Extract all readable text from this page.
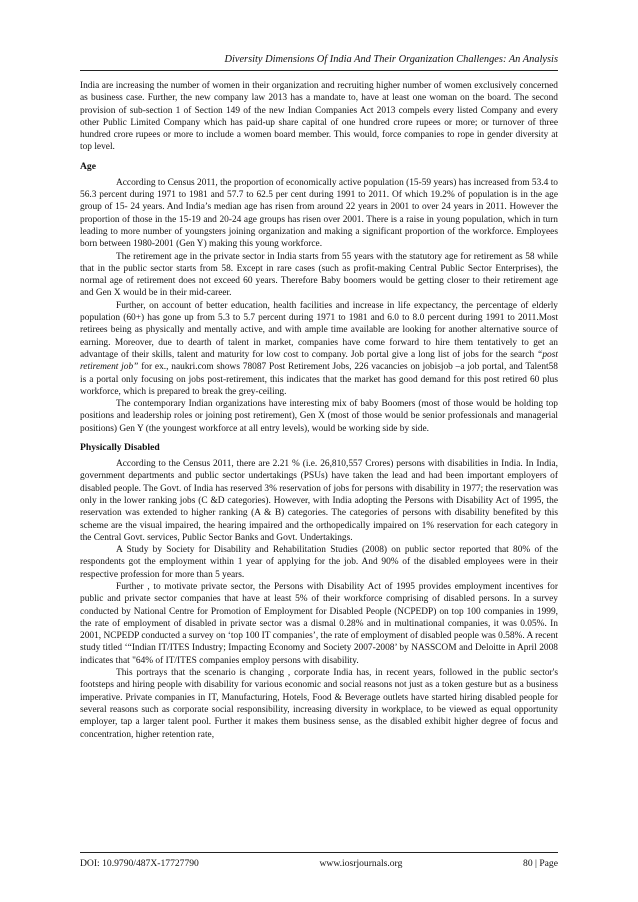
Diversity Dimensions Of India And Their Organization Challenges: An Analysis

India are increasing the number of women in their organization and recruiting higher number of women exclusively concerned as business case. Further, the new company law 2013 has a mandate to, have at least one woman on the board. The second provision of sub-section 1 of Section 149 of the new Indian Companies Act 2013 compels every listed Company and every other Public Limited Company which has paid-up share capital of one hundred crore rupees or more; or turnover of three hundred crore rupees or more to include a women board member. This would, force companies to rope in gender diversity at top level.

Age

According to Census 2011, the proportion of economically active population (15-59 years) has increased from 53.4 to 56.3 percent during 1971 to 1981 and 57.7 to 62.5 per cent during 1991 to 2011. Of which 19.2% of population is in the age group of 15- 24 years. And India’s median age has risen from around 22 years in 2001 to over 24 years in 2011. However the proportion of those in the 15-19 and 20-24 age groups has risen over 2001. There is a raise in young population, which in turn leading to more number of youngsters joining organization and making a significant proportion of the workforce. Employees born between 1980-2001 (Gen Y) making this young workforce.

The retirement age in the private sector in India starts from 55 years with the statutory age for retirement as 58 while that in the public sector starts from 58. Except in rare cases (such as profit-making Central Public Sector Enterprises), the normal age of retirement does not exceed 60 years. Therefore Baby boomers would be getting closer to their retirement age and Gen X would be in their mid-career.

Further, on account of better education, health facilities and increase in life expectancy, the percentage of elderly population (60+) has gone up from 5.3 to 5.7 percent during 1971 to 1981 and 6.0 to 8.0 percent during 1991 to 2011.Most retirees being as physically and mentally active, and with ample time available are looking for another alternative source of earning. Moreover, due to dearth of talent in market, companies have come forward to hire them tentatively to get an advantage of their skills, talent and maturity for low cost to company. Job portal give a long list of jobs for the search “post retirement job” for ex., naukri.com shows 78087 Post Retirement Jobs, 226 vacancies on jobisjob –a job portal, and Talent58 is a portal only focusing on jobs post-retirement, this indicates that the market has good demand for this post retired 60 plus workforce, which is prepared to break the grey-ceiling.

The contemporary Indian organizations have interesting mix of baby Boomers (most of those would be holding top positions and leadership roles or joining post retirement), Gen X (most of those would be senior professionals and managerial positions) Gen Y (the youngest workforce at all entry levels), would be working side by side.

Physically Disabled

According to the Census 2011, there are 2.21 % (i.e. 26,810,557 Crores) persons with disabilities in India. In India, government departments and public sector undertakings (PSUs) have taken the lead and had been important employers of disabled people. The Govt. of India has reserved 3% reservation of jobs for persons with disability in 1977; the reservation was only in the lower ranking jobs (C &D categories). However, with India adopting the Persons with Disability Act of 1995, the reservation was extended to higher ranking (A & B) categories. The categories of persons with disability benefited by this scheme are the visual impaired, the hearing impaired and the orthopedically impaired on 1% reservation for each category in the Central Govt. services, Public Sector Banks and Govt. Undertakings.

A Study by Society for Disability and Rehabilitation Studies (2008) on public sector reported that 80% of the respondents got the employment within 1 year of applying for the job. And 90% of the disabled employees were in their respective profession for more than 5 years.

Further , to motivate private sector, the Persons with Disability Act of 1995 provides employment incentives for public and private sector companies that have at least 5% of their workforce comprising of disabled persons. In a survey conducted by National Centre for Promotion of Employment for Disabled People (NCPEDP) on top 100 companies in 1999, the rate of employment of disabled in private sector was a dismal 0.28% and in multinational companies, it was 0.05%. In 2001, NCPEDP conducted a survey on ‘top 100 IT companies’, the rate of employment of disabled people was 0.58%. A recent study titled ‘“Indian IT/ITES Industry; Impacting Economy and Society 2007-2008’ by NASSCOM and Deloitte in April 2008 indicates that "64% of IT/ITES companies employ persons with disability.

This portrays that the scenario is changing , corporate India has, in recent years, followed in the public sector's footsteps and hiring people with disability for various economic and social reasons not just as a token gesture but as a business imperative. Private companies in IT, Manufacturing, Hotels, Food & Beverage outlets have started hiring disabled people for several reasons such as corporate social responsibility, increasing diversity in workplace, to be viewed as equal opportunity employer, tap a larger talent pool. Further it makes them business sense, as the disabled exhibit higher degree of focus and concentration, higher retention rate,

DOI: 10.9790/487X-17727790	www.iosrjournals.org	80 | Page
